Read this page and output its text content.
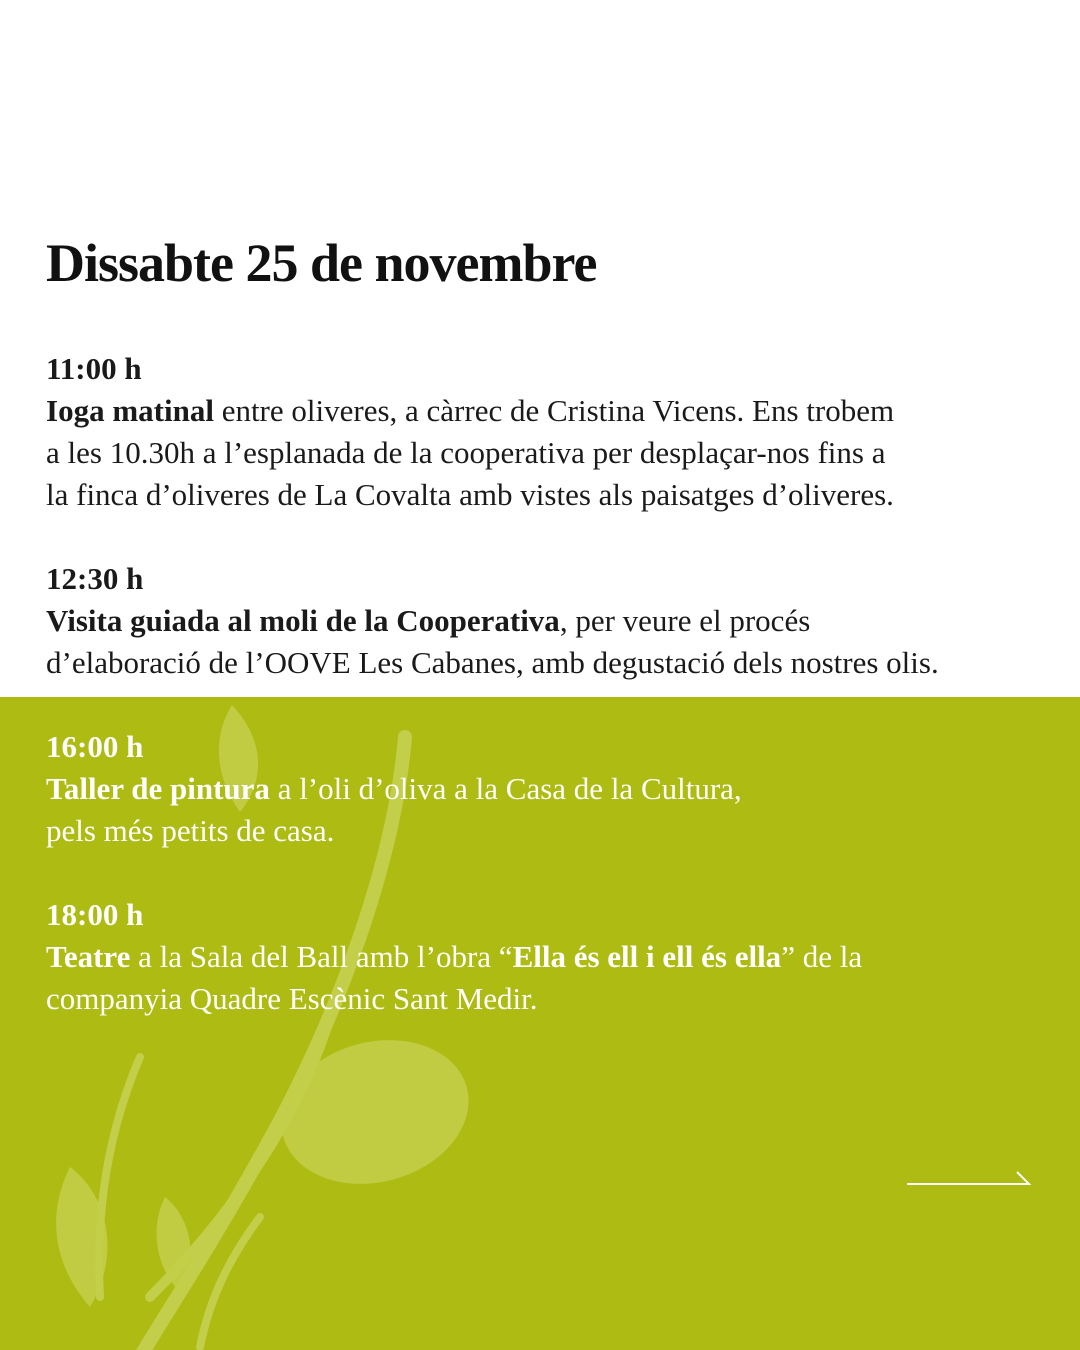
Dissabte 25 de novembre
11:00 h
Ioga matinal entre oliveres, a càrrec de Cristina Vicens. Ens trobem
a les 10.30h a l’esplanada de la cooperativa per desplaçar-nos fins a
la finca d’oliveres de La Covalta amb vistes als paisatges d’oliveres.
12:30 h
Visita guiada al moli de la Cooperativa, per veure el procés
d’elaboració de l’OOVE Les Cabanes, amb degustació dels nostres olis.
16:00 h
Taller de pintura a l’oli d’oliva a la Casa de la Cultura,
pels més petits de casa.
18:00 h
Teatre a la Sala del Ball amb l’obra “Ella és ell i ell és ella” de la
companyia Quadre Escènic Sant Medir.
